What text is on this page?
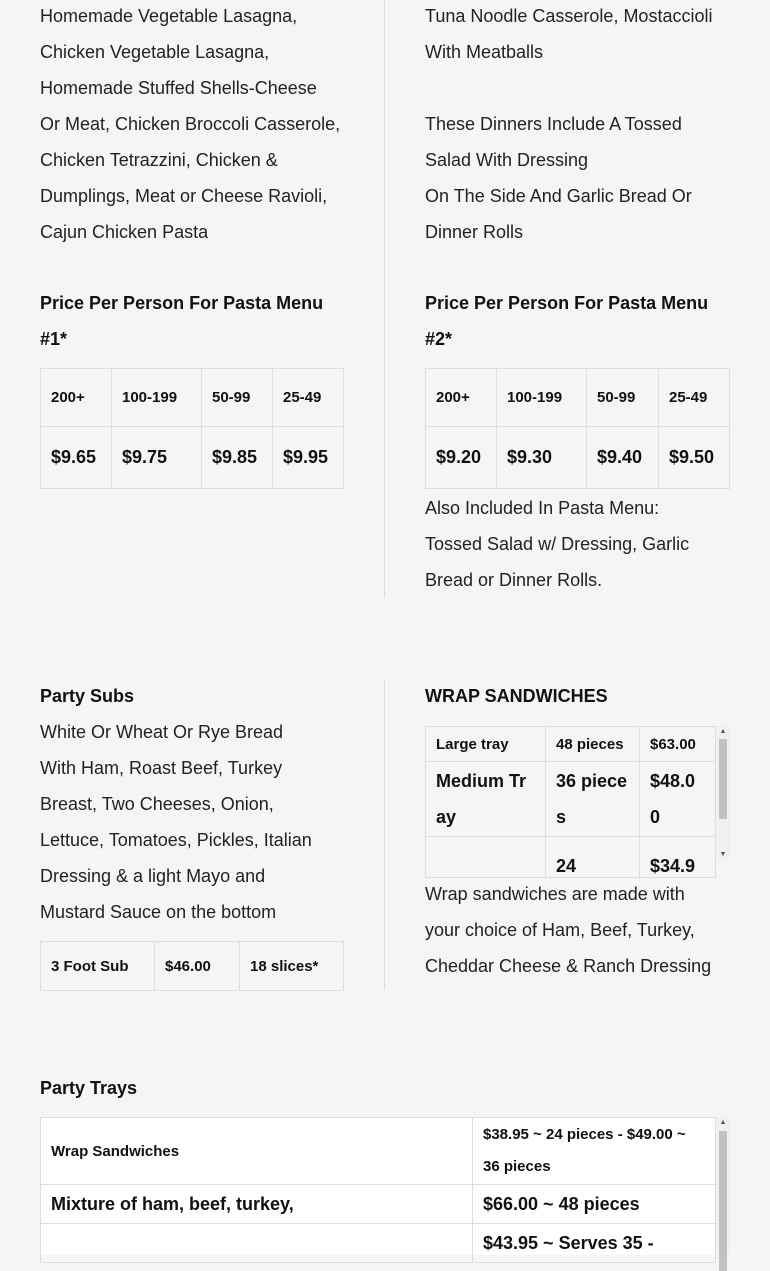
Homemade Vegetable Lasagna,
Chicken Vegetable Lasagna,
Homemade Stuffed Shells-Cheese
Or Meat, Chicken Broccoli Casserole,
Chicken Tetrazzini, Chicken &
Dumplings, Meat or Cheese Ravioli,
Cajun Chicken Pasta

Price Per Person For Pasta Menu
#1*
200+	100-199	50-99	25-49
$9.65	$9.75	$9.85	$9.95

Tuna Noodle Casserole, Mostaccioli
With Meatballs

These Dinners Include A Tossed
Salad With Dressing
On The Side And Garlic Bread Or
Dinner Rolls

Price Per Person For Pasta Menu
#2*
200+	100-199	50-99	25-49
$9.20	$9.30	$9.40	$9.50

Also Included In Pasta Menu:
Tossed Salad w/ Dressing, Garlic
Bread or Dinner Rolls.

Party Subs

White Or Wheat Or Rye Bread
With Ham, Roast Beef, Turkey
Breast, Two Cheeses, Onion,
Lettuce, Tomatoes, Pickles, Italian
Dressing & a light Mayo and
Mustard Sauce on the bottom

3 Foot Sub	$46.00	18 slices*
WRAP SANDWICHES
Large tray	48 pieces	$63.00
Medium Tray	36 pieces	$48.00
	24	$34.9
▲
▼

Wrap sandwiches are made with
your choice of Ham, Beef, Turkey,
Cheddar Cheese & Ranch Dressing

Party Trays
Wrap Sandwiches	$38.95 ~ 24 pieces - $49.00 ~ 36 pieces
Mixture of ham, beef, turkey,	$66.00 ~ 48 pieces
	$43.95 ~ Serves 35 -
▲
